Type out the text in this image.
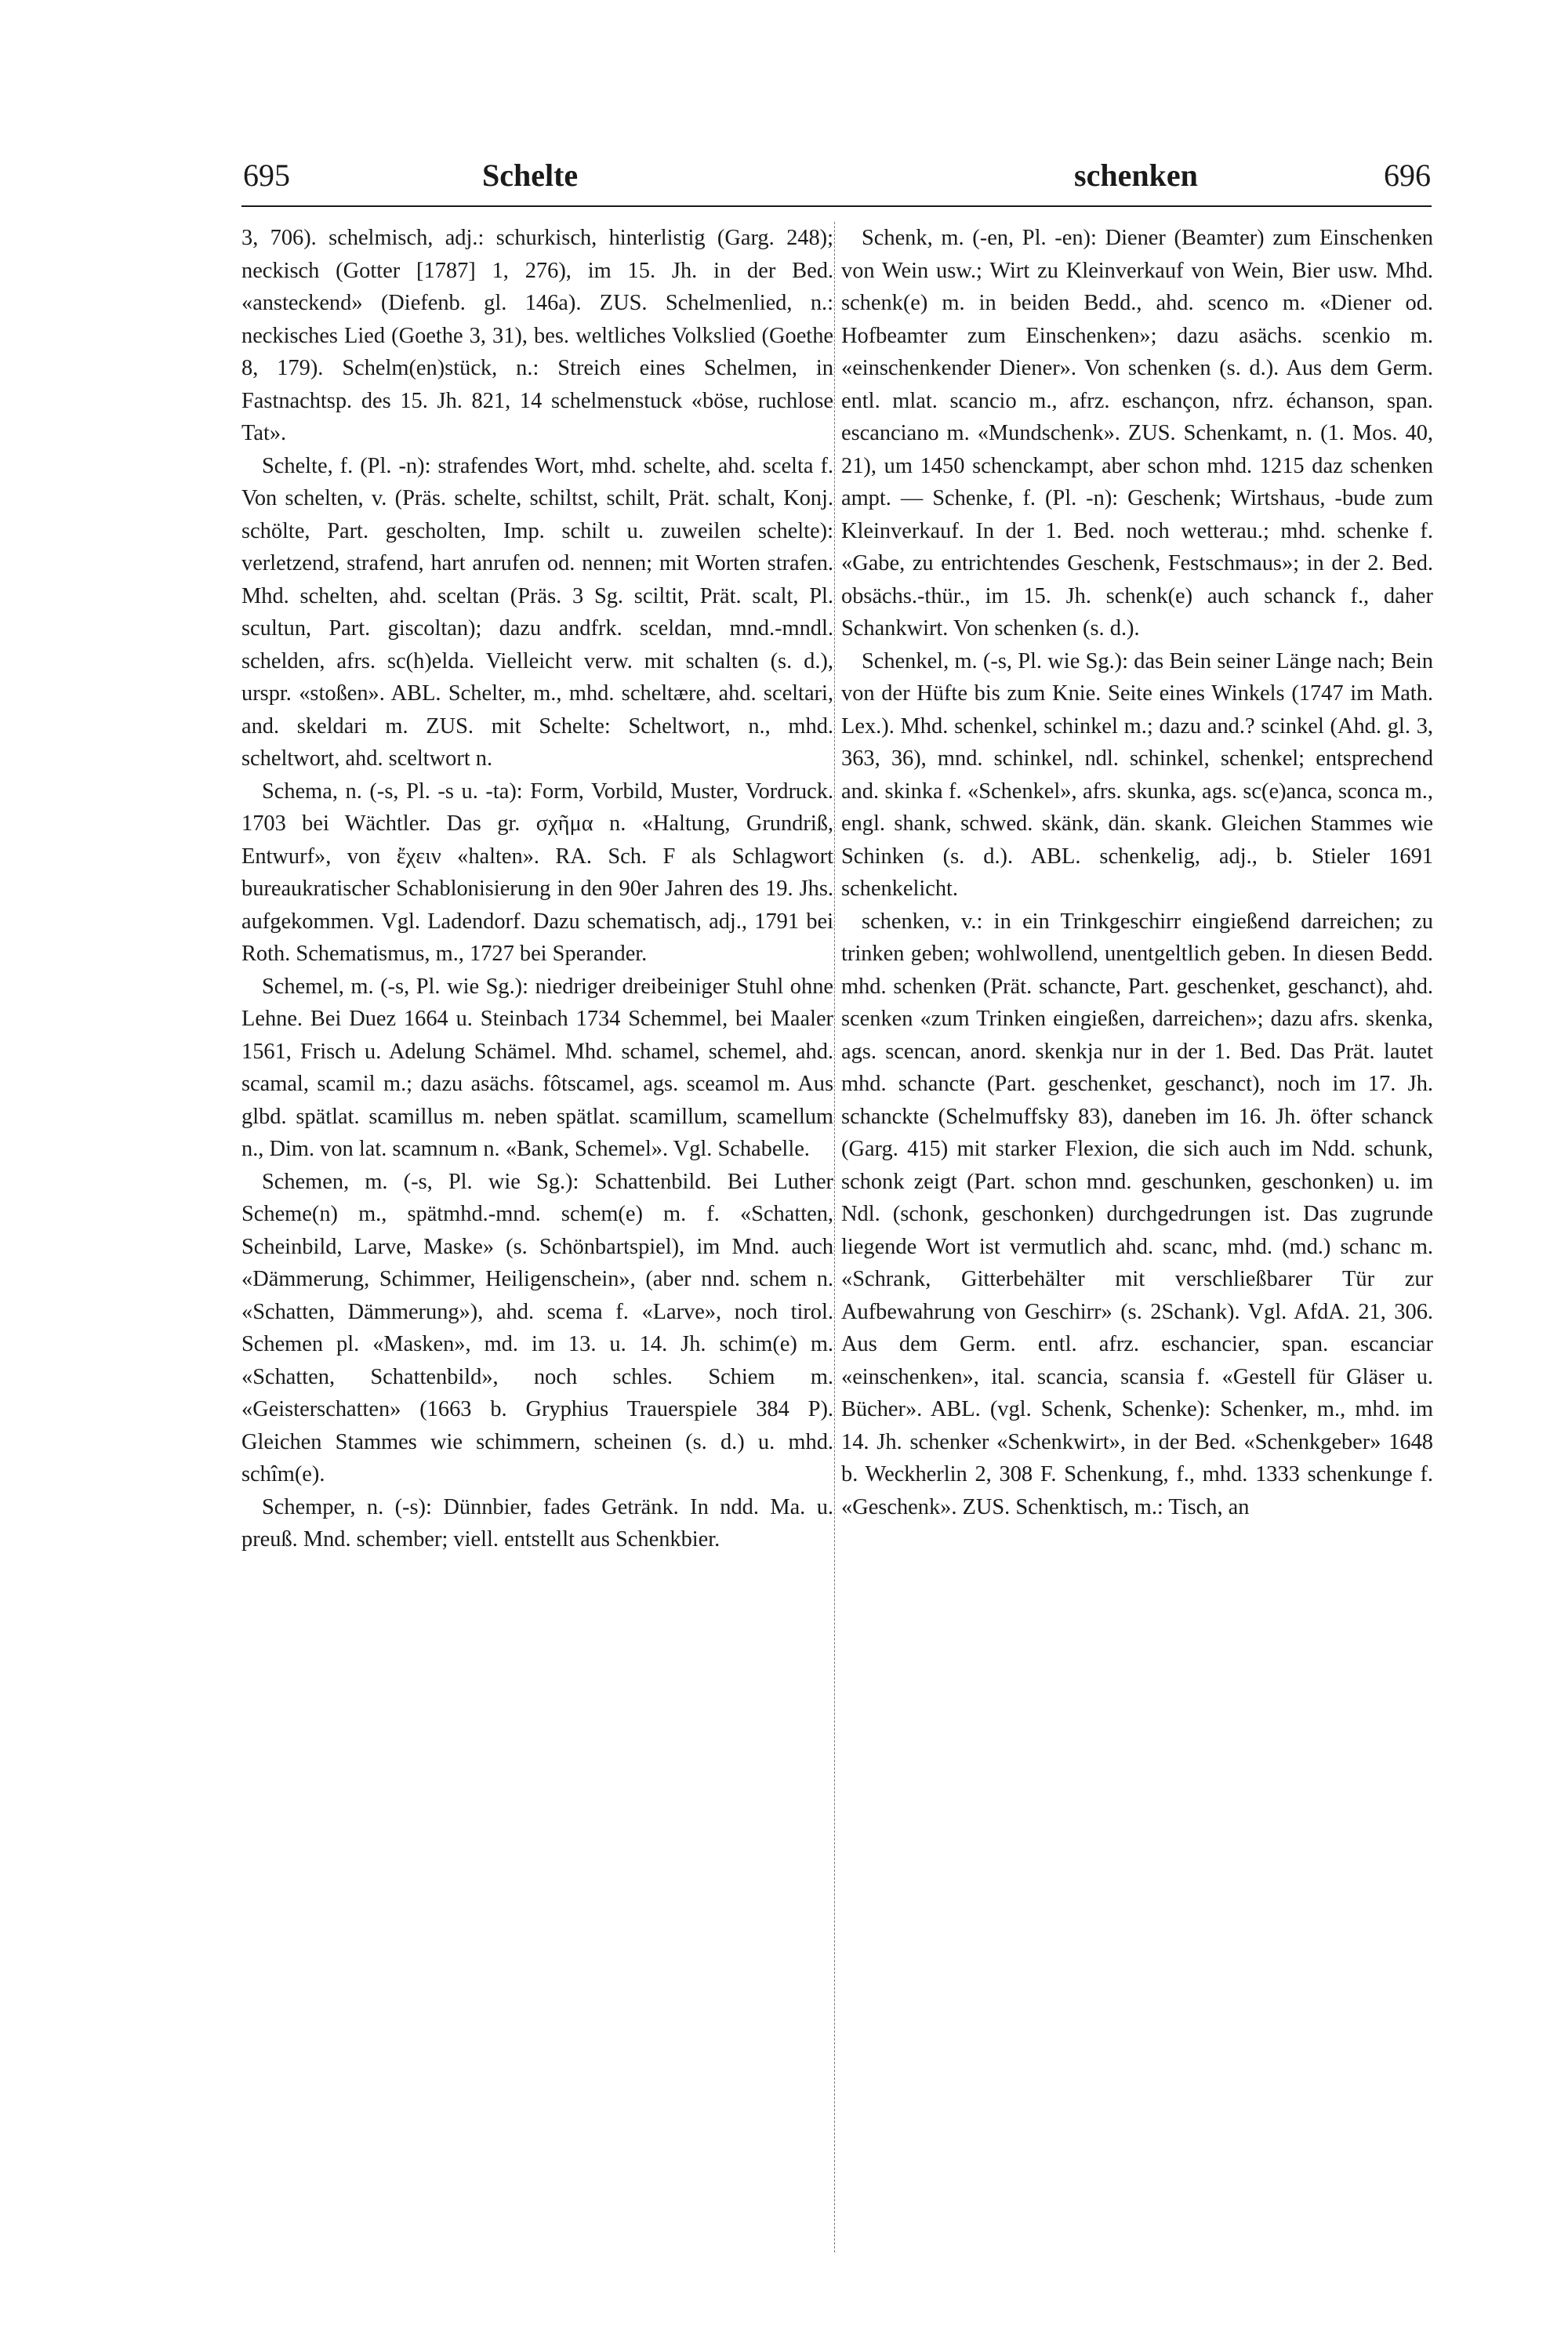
695	Schelte	schenken	696

3, 706). schelmisch, adj.: schurkisch, hinterlistig (Garg. 248); neckisch (Gotter [1787] 1, 276), im 15. Jh. in der Bed. «ansteckend» (Diefenb. gl. 146a). ZUS. Schelmenlied, n.: neckisches Lied (Goethe 3, 31), bes. weltliches Volkslied (Goethe 8, 179). Schelm(en)stück, n.: Streich eines Schelmen, in Fastnachtsp. des 15. Jh. 821, 14 schelmenstuck «böse, ruchlose Tat».

Schelte, f. (Pl. -n): strafendes Wort, mhd. schelte, ahd. scelta f. Von schelten, v. (Präs. schelte, schiltst, schilt, Prät. schalt, Konj. schölte, Part. gescholten, Imp. schilt u. zuweilen schelte): verletzend, strafend, hart anrufen od. nennen; mit Worten strafen. Mhd. schelten, ahd. sceltan (Präs. 3 Sg. sciltit, Prät. scalt, Pl. scultun, Part. giscoltan); dazu andfrk. sceldan, mnd.-mndl. schelden, afrs. sc(h)elda. Vielleicht verw. mit schalten (s. d.), urspr. «stoßen». ABL. Schelter, m., mhd. scheltære, ahd. sceltari, and. skeldari m. ZUS. mit Schelte: Scheltwort, n., mhd. scheltwort, ahd. sceltwort n.

Schema, n. (-s, Pl. -s u. -ta): Form, Vorbild, Muster, Vordruck. 1703 bei Wächtler. Das gr. σχῆμα n. «Haltung, Grundriß, Entwurf», von ἔχειν «halten». RA. Sch. F als Schlagwort bureaukratischer Schablonisierung in den 90er Jahren des 19. Jhs. aufgekommen. Vgl. Ladendorf. Dazu schematisch, adj., 1791 bei Roth. Schematismus, m., 1727 bei Sperander.

Schemel, m. (-s, Pl. wie Sg.): niedriger dreibeiniger Stuhl ohne Lehne. Bei Duez 1664 u. Steinbach 1734 Schemmel, bei Maaler 1561, Frisch u. Adelung Schämel. Mhd. schamel, schemel, ahd. scamal, scamil m.; dazu asächs. fôtscamel, ags. sceamol m. Aus glbd. spätlat. scamillus m. neben spätlat. scamillum, scamellum n., Dim. von lat. scamnum n. «Bank, Schemel». Vgl. Schabelle.

Schemen, m. (-s, Pl. wie Sg.): Schattenbild. Bei Luther Scheme(n) m., spätmhd.-mnd. schem(e) m. f. «Schatten, Scheinbild, Larve, Maske» (s. Schönbartspiel), im Mnd. auch «Dämmerung, Schimmer, Heiligenschein», (aber nnd. schem n. «Schatten, Dämmerung»), ahd. scema f. «Larve», noch tirol. Schemen pl. «Masken», md. im 13. u. 14. Jh. schim(e) m. «Schatten, Schattenbild», noch schles. Schiem m. «Geisterschatten» (1663 b. Gryphius Trauerspiele 384 P). Gleichen Stammes wie schimmern, scheinen (s. d.) u. mhd. schîm(e).

Schemper, n. (-s): Dünnbier, fades Getränk. In ndd. Ma. u. preuß. Mnd. schember; viell. entstellt aus Schenkbier.

Schenk, m. (-en, Pl. -en): Diener (Beamter) zum Einschenken von Wein usw.; Wirt zu Kleinverkauf von Wein, Bier usw. Mhd. schenk(e) m. in beiden Bedd., ahd. scenco m. «Diener od. Hofbeamter zum Einschenken»; dazu asächs. scenkio m. «einschenkender Diener». Von schenken (s. d.). Aus dem Germ. entl. mlat. scancio m., afrz. eschançon, nfrz. échanson, span. escanciano m. «Mundschenk». ZUS. Schenkamt, n. (1. Mos. 40, 21), um 1450 schenckampt, aber schon mhd. 1215 daz schenken ampt. — Schenke, f. (Pl. -n): Geschenk; Wirtshaus, -bude zum Kleinverkauf. In der 1. Bed. noch wetterau.; mhd. schenke f. «Gabe, zu entrichtendes Geschenk, Festschmaus»; in der 2. Bed. obsächs.-thür., im 15. Jh. schenk(e) auch schanck f., daher Schankwirt. Von schenken (s. d.).

Schenkel, m. (-s, Pl. wie Sg.): das Bein seiner Länge nach; Bein von der Hüfte bis zum Knie. Seite eines Winkels (1747 im Math. Lex.). Mhd. schenkel, schinkel m.; dazu and.? scinkel (Ahd. gl. 3, 363, 36), mnd. schinkel, ndl. schinkel, schenkel; entsprechend and. skinka f. «Schenkel», afrs. skunka, ags. sc(e)anca, sconca m., engl. shank, schwed. skänk, dän. skank. Gleichen Stammes wie Schinken (s. d.). ABL. schenkelig, adj., b. Stieler 1691 schenkelicht.

schenken, v.: in ein Trinkgeschirr eingießend darreichen; zu trinken geben; wohlwollend, unentgeltlich geben. In diesen Bedd. mhd. schenken (Prät. schancte, Part. geschenket, geschanct), ahd. scenken «zum Trinken eingießen, darreichen»; dazu afrs. skenka, ags. scencan, anord. skenkja nur in der 1. Bed. Das Prät. lautet mhd. schancte (Part. geschenket, geschanct), noch im 17. Jh. schanckte (Schelmuffsky 83), daneben im 16. Jh. öfter schanck (Garg. 415) mit starker Flexion, die sich auch im Ndd. schunk, schonk zeigt (Part. schon mnd. geschunken, geschonken) u. im Ndl. (schonk, geschonken) durchgedrungen ist. Das zugrunde liegende Wort ist vermutlich ahd. scanc, mhd. (md.) schanc m. «Schrank, Gitterbehälter mit verschließbarer Tür zur Aufbewahrung von Geschirr» (s. 2Schank). Vgl. AfdA. 21, 306. Aus dem Germ. entl. afrz. eschancier, span. escanciar «einschenken», ital. scancia, scansia f. «Gestell für Gläser u. Bücher». ABL. (vgl. Schenk, Schenke): Schenker, m., mhd. im 14. Jh. schenker «Schenkwirt», in der Bed. «Schenkgeber» 1648 b. Weckherlin 2, 308 F. Schenkung, f., mhd. 1333 schenkunge f. «Geschenk». ZUS. Schenktisch, m.: Tisch, an
